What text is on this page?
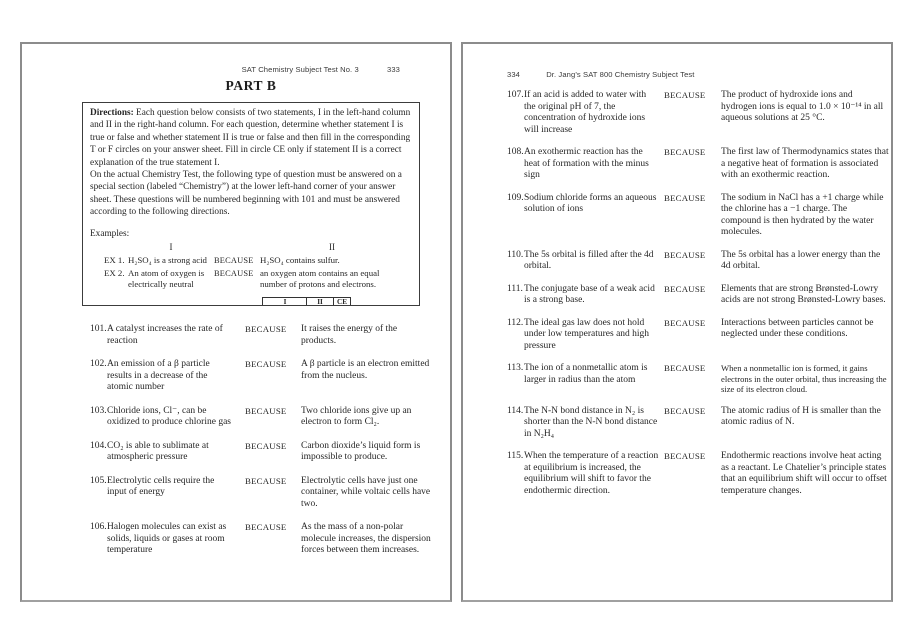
SAT Chemistry Subject Test No. 3	333
PART B

Directions: Each question below consists of two statements, I in the left-hand column and II in the right-hand column. For each question, determine whether statement I is true or false and whether statement II is true or false and then fill in the corresponding T or F circles on your answer sheet. Fill in circle CE only if statement II is a correct explanation of the true statement I.

On the actual Chemistry Test, the following type of question must be answered on a special section (labeled “Chemistry”) at the lower left-hand corner of your answer sheet. These questions will be numbered beginning with 101 and must be answered according to the following directions.

Examples:

I	II
EX 1. H₂SO₄ is a strong acid BECAUSE H₂SO₄ contains sulfur.
EX 2. An atom of oxygen is electrically neutral
BECAUSE an oxygen atom contains an equal number of protons and electrons.
I	II	CE
101. A catalyst increases the rate of reaction
BECAUSE	It raises the energy of the products.
102. An emission of a β particle results in a decrease of the atomic number
BECAUSE	A β particle is an electron emitted from the nucleus.
103. Chloride ions, Cl⁻, can be oxidized to produce chlorine gas
BECAUSE	Two chloride ions give up an electron to form Cl₂.
104. CO₂ is able to sublimate at atmospheric pressure
BECAUSE	Carbon dioxide’s liquid form is impossible to produce.
105. Electrolytic cells require the input of energy
BECAUSE	Electrolytic cells have just one container, while voltaic cells have two.
106. Halogen molecules can exist as solids, liquids or gases at room temperature
BECAUSE	As the mass of a non-polar molecule increases, the dispersion forces between them increases.
334	Dr. Jang’s SAT 800 Chemistry Subject Test
107. If an acid is added to water with the original pH of 7, the concentration of hydroxide ions will increase
BECAUSE	The product of hydroxide ions and hydrogen ions is equal to 1.0 × 10⁻¹⁴ in all aqueous solutions at 25 °C.
108. An exothermic reaction has the heat of formation with the minus sign
BECAUSE	The first law of Thermodynamics states that a negative heat of formation is associated with an exothermic reaction.
109. Sodium chloride forms an aqueous solution of ions
BECAUSE	The sodium in NaCl has a +1 charge while the chlorine has a −1 charge. The compound is then hydrated by the water molecules.
110. The 5s orbital is filled after the 4d orbital.
BECAUSE	The 5s orbital has a lower energy than the 4d orbital.
111. The conjugate base of a weak acid is a strong base.
BECAUSE	Elements that are strong Brønsted-Lowry acids are not strong Brønsted-Lowry bases.
112. The ideal gas law does not hold under low temperatures and high pressure
BECAUSE	Interactions between particles cannot be neglected under these conditions.
113. The ion of a nonmetallic atom is larger in radius than the atom
BECAUSE	When a nonmetallic ion is formed, it gains electrons in the outer orbital, thus increasing the size of its electron cloud.
114. The N-N bond distance in N₂ is shorter than the N-N bond distance in N₂H₄
BECAUSE	The atomic radius of H is smaller than the atomic radius of N.
115. When the temperature of a reaction at equilibrium is increased, the equilibrium will shift to favor the endothermic direction.
BECAUSE	Endothermic reactions involve heat acting as a reactant. Le Chatelier’s principle states that an equilibrium shift will occur to offset temperature changes.
